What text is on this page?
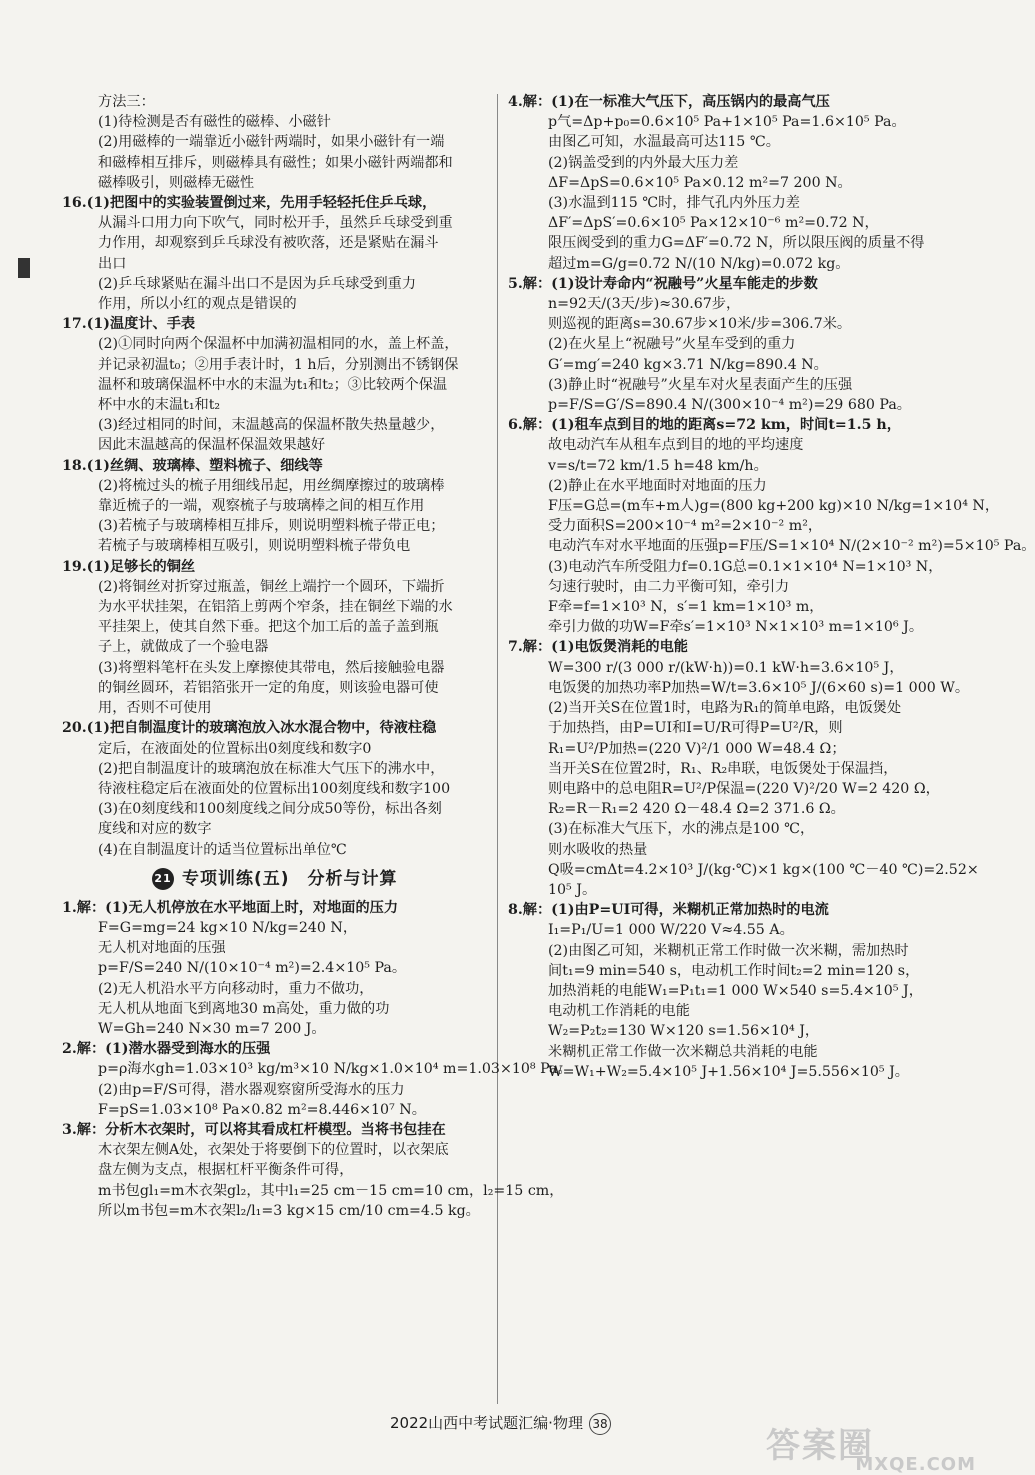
方法三：
(1)待检测是否有磁性的磁棒、小磁针
(2)用磁棒的一端靠近小磁针两端时，如果小磁针有一端
和磁棒相互排斥，则磁棒具有磁性；如果小磁针两端都和
磁棒吸引，则磁棒无磁性
16.(1)把图中的实验装置倒过来，先用手轻轻托住乒乓球，
从漏斗口用力向下吹气，同时松开手，虽然乒乓球受到重
力作用，却观察到乒乓球没有被吹落，还是紧贴在漏斗
出口
(2)乒乓球紧贴在漏斗出口不是因为乒乓球受到重力
作用，所以小红的观点是错误的
17.(1)温度计、手表
(2)①同时向两个保温杯中加满初温相同的水，盖上杯盖，
并记录初温t₀；②用手表计时，1 h后，分别测出不锈钢保
温杯和玻璃保温杯中水的末温为t₁和t₂；③比较两个保温
杯中水的末温t₁和t₂
(3)经过相同的时间，末温越高的保温杯散失热量越少，
因此末温越高的保温杯保温效果越好
18.(1)丝绸、玻璃棒、塑料梳子、细线等
(2)将梳过头的梳子用细线吊起，用丝绸摩擦过的玻璃棒
靠近梳子的一端，观察梳子与玻璃棒之间的相互作用
(3)若梳子与玻璃棒相互排斥，则说明塑料梳子带正电；
若梳子与玻璃棒相互吸引，则说明塑料梳子带负电
19.(1)足够长的铜丝
(2)将铜丝对折穿过瓶盖，铜丝上端拧一个圆环，下端折
为水平状挂架，在铝箔上剪两个窄条，挂在铜丝下端的水
平挂架上，使其自然下垂。把这个加工后的盖子盖到瓶
子上，就做成了一个验电器
(3)将塑料笔杆在头发上摩擦使其带电，然后接触验电器
的铜丝圆环，若铝箔张开一定的角度，则该验电器可使
用，否则不可使用
20.(1)把自制温度计的玻璃泡放入冰水混合物中，待液柱稳
定后，在液面处的位置标出0刻度线和数字0
(2)把自制温度计的玻璃泡放在标准大气压下的沸水中，
待液柱稳定后在液面处的位置标出100刻度线和数字100
(3)在0刻度线和100刻度线之间分成50等份，标出各刻
度线和对应的数字
(4)在自制温度计的适当位置标出单位℃
21 专项训练(五)　分析与计算
1.解：(1)无人机停放在水平地面上时，对地面的压力
F=G=mg=24 kg×10 N/kg=240 N，
无人机对地面的压强
p=F/S=240 N/(10×10⁻⁴ m²)=2.4×10⁵ Pa。
(2)无人机沿水平方向移动时，重力不做功，
无人机从地面飞到离地30 m高处，重力做的功
W=Gh=240 N×30 m=7 200 J。
2.解：(1)潜水器受到海水的压强
p=ρ海水gh=1.03×10³ kg/m³×10 N/kg×1.0×10⁴ m=1.03×10⁸ Pa。
(2)由p=F/S可得，潜水器观察窗所受海水的压力
F=pS=1.03×10⁸ Pa×0.82 m²=8.446×10⁷ N。
3.解：分析木衣架时，可以将其看成杠杆模型。当将书包挂在
木衣架左侧A处，衣架处于将要倒下的位置时，以衣架底
盘左侧为支点，根据杠杆平衡条件可得，
m书包gl₁=m木衣架gl₂，其中l₁=25 cm－15 cm=10 cm，l₂=15 cm，
所以m书包=m木衣架l₂/l₁=3 kg×15 cm/10 cm=4.5 kg。
4.解：(1)在一标准大气压下，高压锅内的最高气压
p气=Δp+p₀=0.6×10⁵ Pa+1×10⁵ Pa=1.6×10⁵ Pa。
由图乙可知，水温最高可达115 ℃。
(2)锅盖受到的内外最大压力差
ΔF=ΔpS=0.6×10⁵ Pa×0.12 m²=7 200 N。
(3)水温到115 ℃时，排气孔内外压力差
ΔF′=ΔpS′=0.6×10⁵ Pa×12×10⁻⁶ m²=0.72 N，
限压阀受到的重力G=ΔF′=0.72 N，所以限压阀的质量不得
超过m=G/g=0.72 N/(10 N/kg)=0.072 kg。
5.解：(1)设计寿命内“祝融号”火星车能走的步数
n=92天/(3天/步)≈30.67步，
则巡视的距离s=30.67步×10米/步=306.7米。
(2)在火星上“祝融号”火星车受到的重力
G′=mg′=240 kg×3.71 N/kg=890.4 N。
(3)静止时“祝融号”火星车对火星表面产生的压强
p=F/S=G′/S=890.4 N/(300×10⁻⁴ m²)=29 680 Pa。
6.解：(1)租车点到目的地的距离s=72 km，时间t=1.5 h，
故电动汽车从租车点到目的地的平均速度
v=s/t=72 km/1.5 h=48 km/h。
(2)静止在水平地面时对地面的压力
F压=G总=(m车+m人)g=(800 kg+200 kg)×10 N/kg=1×10⁴ N，
受力面积S=200×10⁻⁴ m²=2×10⁻² m²，
电动汽车对水平地面的压强p=F压/S=1×10⁴ N/(2×10⁻² m²)=5×10⁵ Pa。
(3)电动汽车所受阻力f=0.1G总=0.1×1×10⁴ N=1×10³ N，
匀速行驶时，由二力平衡可知，牵引力
F牵=f=1×10³ N，s′=1 km=1×10³ m，
牵引力做的功W=F牵s′=1×10³ N×1×10³ m=1×10⁶ J。
7.解：(1)电饭煲消耗的电能
W=300 r/(3 000 r/(kW·h))=0.1 kW·h=3.6×10⁵ J，
电饭煲的加热功率P加热=W/t=3.6×10⁵ J/(6×60 s)=1 000 W。
(2)当开关S在位置1时，电路为R₁的简单电路，电饭煲处
于加热挡，由P=UI和I=U/R可得P=U²/R，则
R₁=U²/P加热=(220 V)²/1 000 W=48.4 Ω；
当开关S在位置2时，R₁、R₂串联，电饭煲处于保温挡，
则电路中的总电阻R=U²/P保温=(220 V)²/20 W=2 420 Ω，
R₂=R－R₁=2 420 Ω－48.4 Ω=2 371.6 Ω。
(3)在标准大气压下，水的沸点是100 ℃，
则水吸收的热量
Q吸=cmΔt=4.2×10³ J/(kg·℃)×1 kg×(100 ℃－40 ℃)=2.52×
10⁵ J。
8.解：(1)由P=UI可得，米糊机正常加热时的电流
I₁=P₁/U=1 000 W/220 V≈4.55 A。
(2)由图乙可知，米糊机正常工作时做一次米糊，需加热时
间t₁=9 min=540 s，电动机工作时间t₂=2 min=120 s，
加热消耗的电能W₁=P₁t₁=1 000 W×540 s=5.4×10⁵ J，
电动机工作消耗的电能
W₂=P₂t₂=130 W×120 s=1.56×10⁴ J，
米糊机正常工作做一次米糊总共消耗的电能
W=W₁+W₂=5.4×10⁵ J+1.56×10⁴ J=5.556×10⁵ J。
2022山西中考试题汇编·物理 38
答案圈
MXQE.COM
